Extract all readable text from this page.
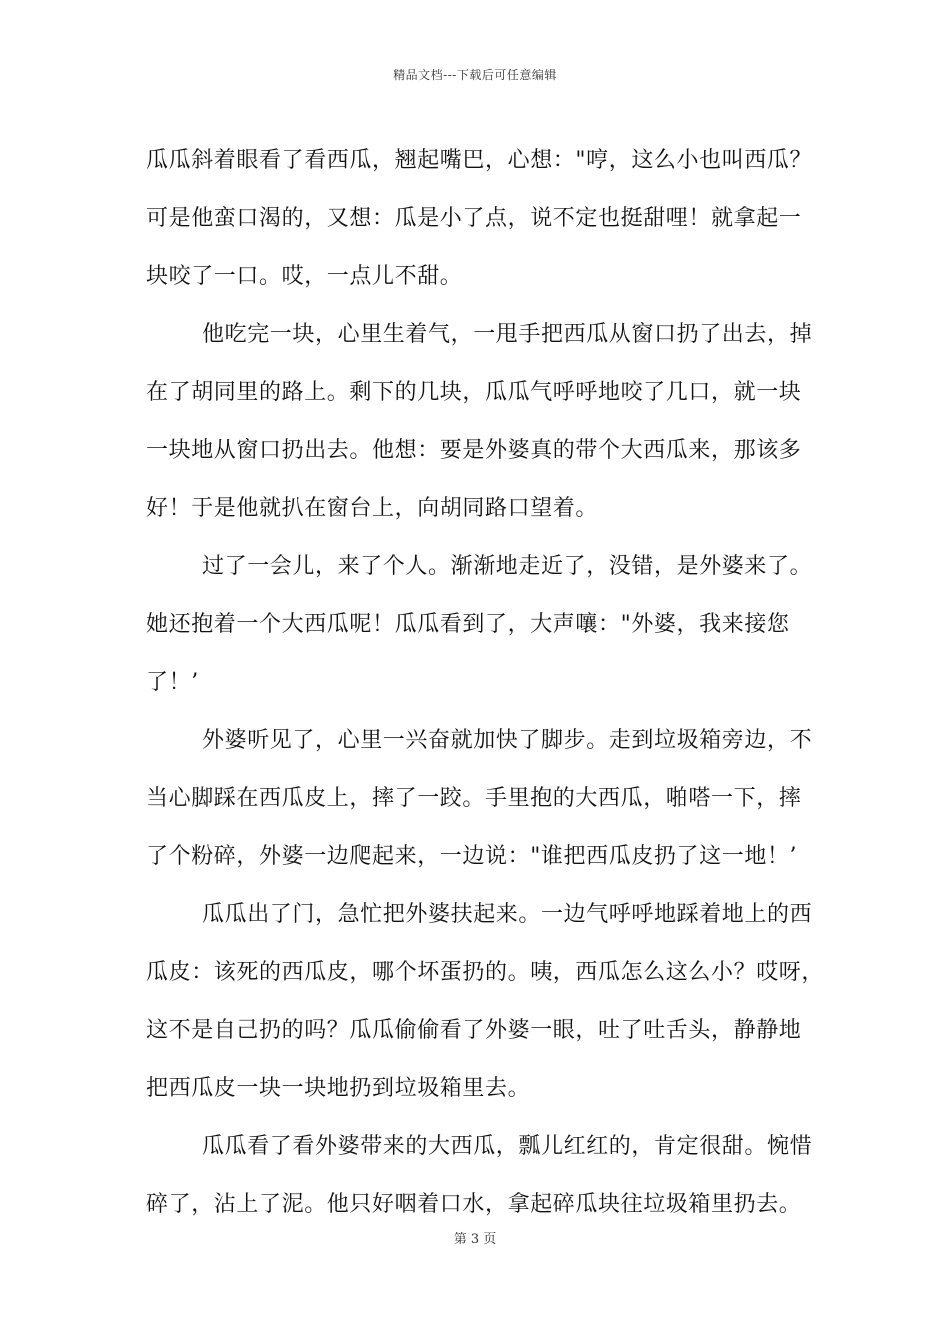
精品文档---下载后可任意编辑
瓜瓜斜着眼看了看西瓜，翘起嘴巴，心想："哼，这么小也叫西瓜？
可是他蛮口渴的，又想：瓜是小了点，说不定也挺甜哩！就拿起一
块咬了一口。哎，一点儿不甜。
他吃完一块，心里生着气，一甩手把西瓜从窗口扔了出去，掉
在了胡同里的路上。剩下的几块，瓜瓜气呼呼地咬了几口，就一块
一块地从窗口扔出去。他想：要是外婆真的带个大西瓜来，那该多
好！于是他就扒在窗台上，向胡同路口望着。
过了一会儿，来了个人。渐渐地走近了，没错，是外婆来了。
她还抱着一个大西瓜呢！瓜瓜看到了，大声嚷："外婆，我来接您
了！’
外婆听见了，心里一兴奋就加快了脚步。走到垃圾箱旁边，不
当心脚踩在西瓜皮上，摔了一跤。手里抱的大西瓜，啪嗒一下，摔
了个粉碎，外婆一边爬起来，一边说："谁把西瓜皮扔了这一地！’
瓜瓜出了门，急忙把外婆扶起来。一边气呼呼地踩着地上的西
瓜皮：该死的西瓜皮，哪个坏蛋扔的。咦，西瓜怎么这么小？哎呀，
这不是自己扔的吗？瓜瓜偷偷看了外婆一眼，吐了吐舌头，静静地
把西瓜皮一块一块地扔到垃圾箱里去。
瓜瓜看了看外婆带来的大西瓜，瓢儿红红的，肯定很甜。惋惜
碎了，沾上了泥。他只好咽着口水，拿起碎瓜块往垃圾箱里扔去。
第 3 页
